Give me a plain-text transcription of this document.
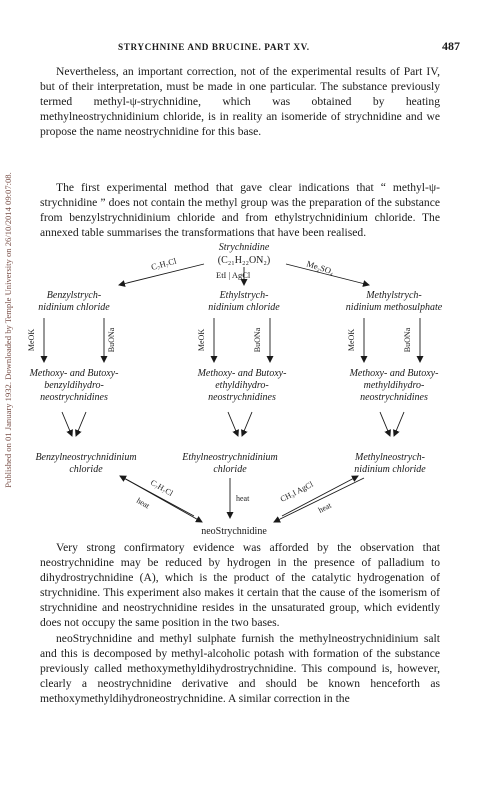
Published on 01 January 1932. Downloaded by Temple University on 26/10/2014 09:07:08.
STRYCHNINE AND BRUCINE. PART XV.	487

Nevertheless, an important correction, not of the experimental results of Part IV, but of their interpretation, must be made in one particular. The substance previously termed methyl-ψ-strychnidine, which was obtained by heating methylneostrychnidinium chloride, is in reality an isomeride of strychnidine and we propose the name neostrychnidine for this base.

The first experimental method that gave clear indications that “ methyl-ψ-strychnidine ” does not contain the methyl group was the preparation of the substance from benzylstrychnidinium chloride and from ethylstrychnidinium chloride. The annexed table summarises the transformations that have been realised.

Strychnidine
(C₂₁H₂₂ON₂)
C₇H₇Cl
EtI | AgCl	Me₂SO₄
Benzylstrych-
nidinium chloride
Ethylstrych-
nidinium chloride
Methylstrych-
nidinium methosulphate
MeOK	BuONa	MeOK	BuONa	MeOK	BuONa
Methoxy- and Butoxy-
benzyldihydro-
neostrychnidines
Methoxy- and Butoxy-
ethyldihydro-
neostrychnidines
Methoxy- and Butoxy-
methyldihydro-
neostrychnidines
Benzylneostrychnidinium
chloride
Ethylneostrychnidinium
chloride
Methylneostrych-
nidinium chloride
C₇H₇Cl
heat	heat	CH₃I AgCl
heat
neoStrychnidine

Very strong confirmatory evidence was afforded by the observation that neostrychnidine may be reduced by hydrogen in the presence of palladium to dihydrostrychnidine (A), which is the product of the catalytic hydrogenation of strychnidine. This experiment also makes it certain that the cause of the isomerism of strychnidine and neostrychnidine resides in the unsaturated group, which evidently does not occupy the same position in the two bases.

neoStrychnidine and methyl sulphate furnish the methylneostrychnidinium salt and this is decomposed by methyl-alcoholic potash with formation of the substance previously called methoxymethyldihydrostrychnidine. This compound is, however, clearly a neostrychnidine derivative and should be known henceforth as methoxymethyldihydroneostrychnidine. A similar correction in the
